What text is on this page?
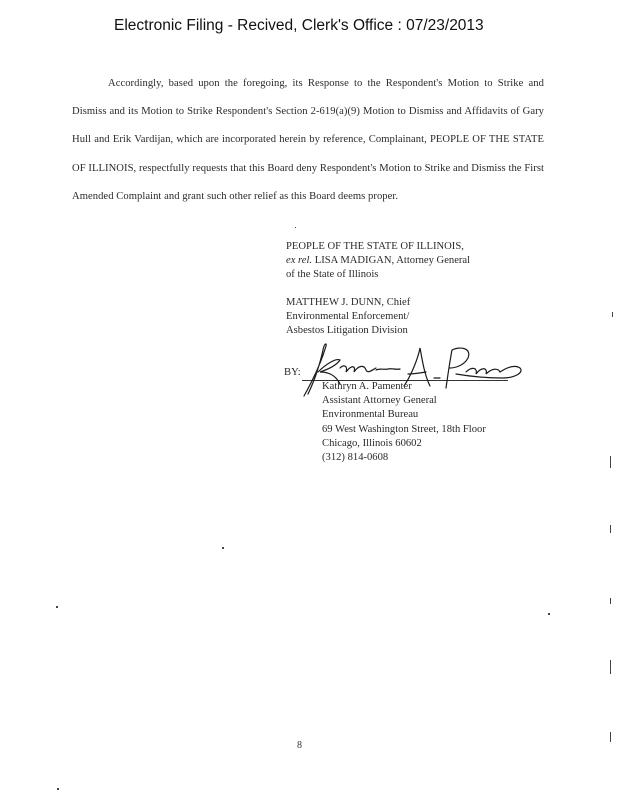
Electronic Filing - Recived, Clerk's Office : 07/23/2013
Accordingly, based upon the foregoing, its Response to the Respondent's Motion to Strike and Dismiss and its Motion to Strike Respondent's Section 2-619(a)(9) Motion to Dismiss and Affidavits of Gary Hull and Erik Vardijan, which are incorporated herein by reference, Complainant, PEOPLE OF THE STATE OF ILLINOIS, respectfully requests that this Board deny Respondent's Motion to Strike and Dismiss the First Amended Complaint and grant such other relief as this Board deems proper.
PEOPLE OF THE STATE OF ILLINOIS,
ex rel. LISA MADIGAN, Attorney General
of the State of Illinois
MATTHEW J. DUNN, Chief
Environmental Enforcement/
Asbestos Litigation Division
BY:
Kathryn A. Pamenter
Assistant Attorney General
Environmental Bureau
69 West Washington Street, 18th Floor
Chicago, Illinois 60602
(312) 814-0608
8
